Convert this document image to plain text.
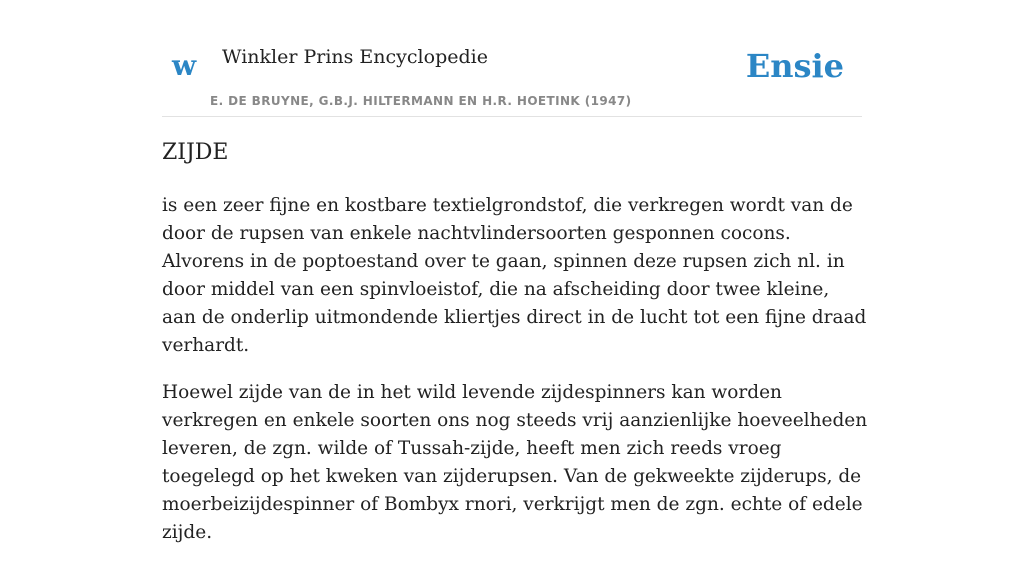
w Winkler Prins Encyclopedie
E. DE BRUYNE, G.B.J. HILTERMANN EN H.R. HOETINK (1947)
Ensie
ZIJDE

is een zeer fijne en kostbare textielgrondstof, die verkregen wordt van de door de rupsen van enkele nachtvlindersoorten gesponnen cocons. Alvorens in de poptoestand over te gaan, spinnen deze rupsen zich nl. in door middel van een spinvloeistof, die na afscheiding door twee kleine, aan de onderlip uitmondende kliertjes direct in de lucht tot een fijne draad verhardt.

Hoewel zijde van de in het wild levende zijdespinners kan worden verkregen en enkele soorten ons nog steeds vrij aanzienlijke hoeveelheden leveren, de zgn. wilde of Tussah-zijde, heeft men zich reeds vroeg toegelegd op het kweken van zijderupsen. Van de gekweekte zijderups, de moerbeizijdespinner of Bombyx rnori, verkrijgt men de zgn. echte of edele zijde.
